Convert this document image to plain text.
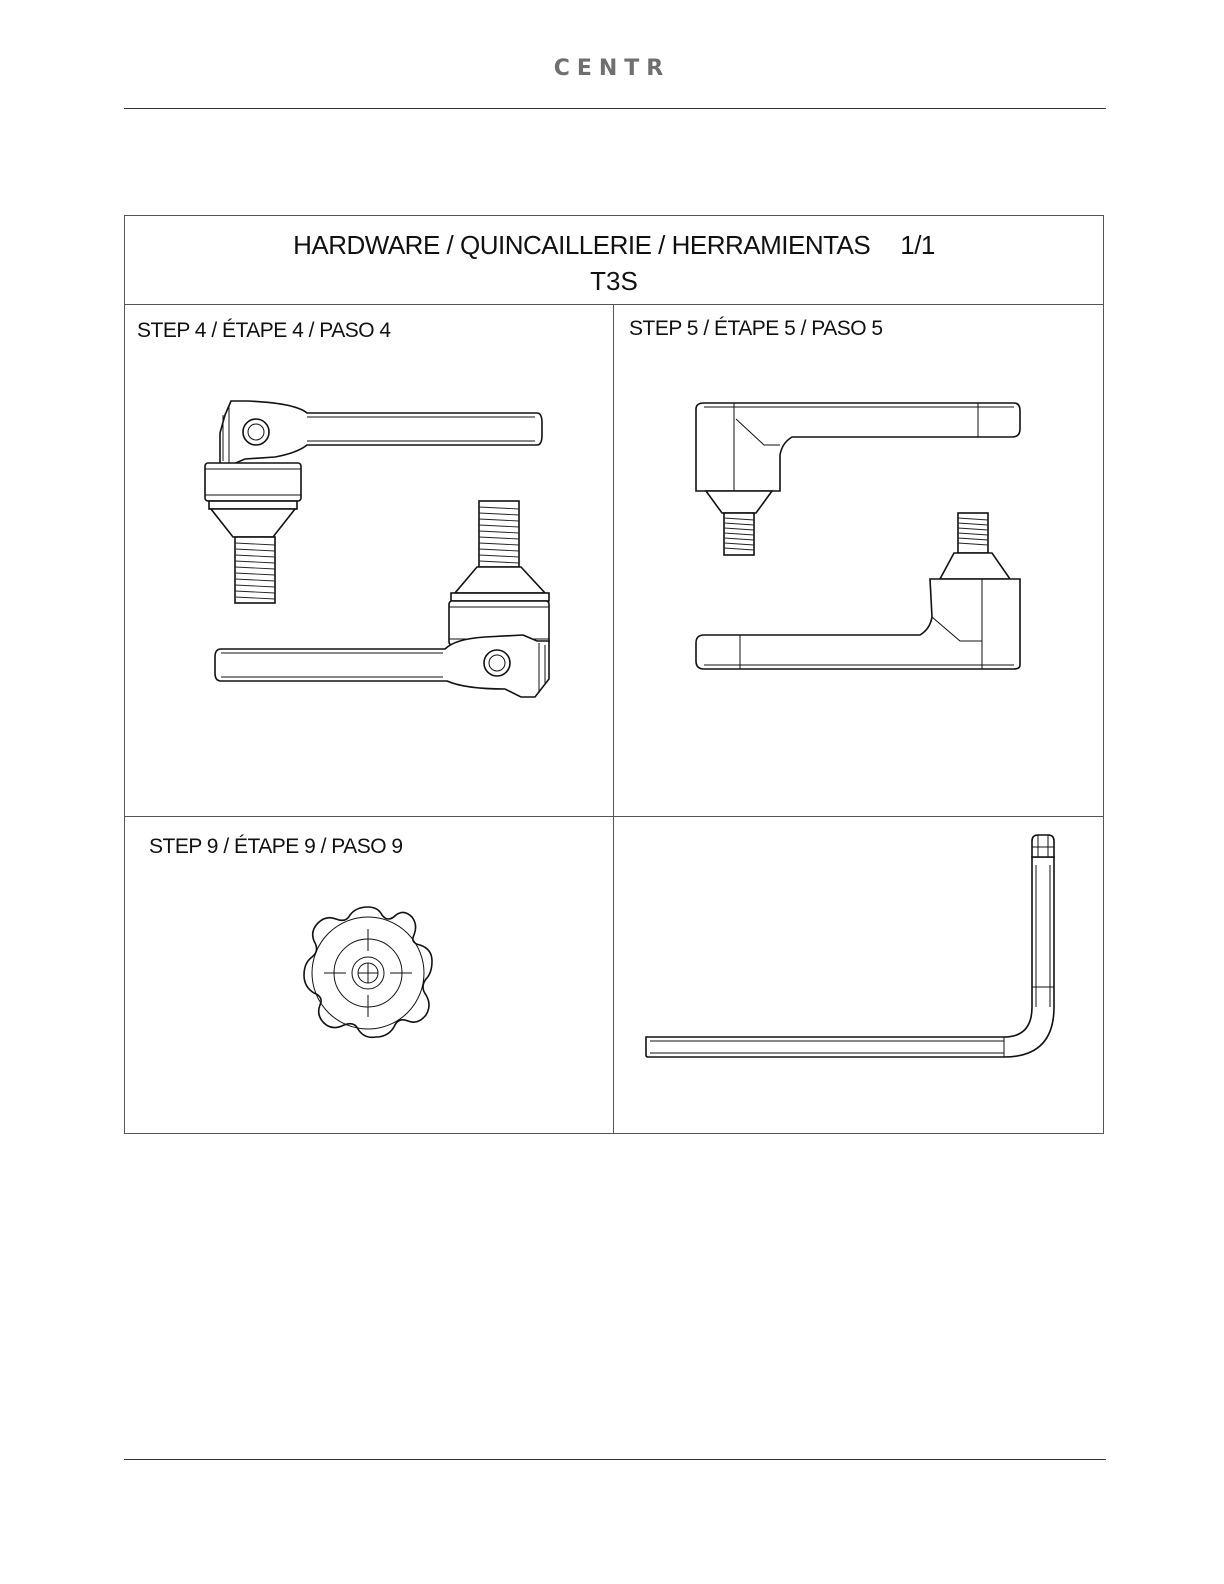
CENTR
HARDWARE / QUINCAILLERIE / HERRAMIENTAS 1/1
T3S
STEP 4 / ÉTAPE 4 / PASO 4	STEP 5 / ÉTAPE 5 / PASO 5
STEP 9 / ÉTAPE 9 / PASO 9
